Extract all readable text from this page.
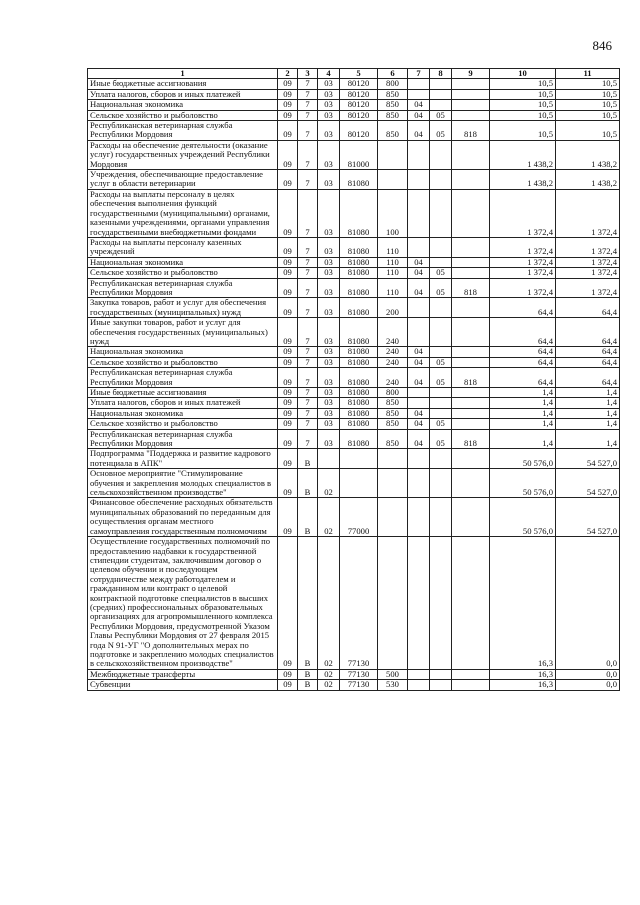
846
1	2	3	4	5	6	7	8	9	10	11
Иные бюджетные ассигнования	09	7	03	80120	800				10,5	10,5
Уплата налогов, сборов и иных платежей	09	7	03	80120	850				10,5	10,5
Национальная экономика	09	7	03	80120	850	04			10,5	10,5
Сельское хозяйство и рыболовство	09	7	03	80120	850	04	05		10,5	10,5
Республиканская ветеринарная служба Республики Мордовия	09	7	03	80120	850	04	05	818	10,5	10,5
Расходы на обеспечение деятельности (оказание услуг) государственных учреждений Республики Мордовия	09	7	03	81000					1 438,2	1 438,2
Учреждения, обеспечивающие предоставление услуг в области ветеринарии	09	7	03	81080					1 438,2	1 438,2
Расходы на выплаты персоналу в целях обеспечения выполнения функций государственными (муниципальными) органами, казенными учреждениями, органами управления государственными внебюджетными фондами	09	7	03	81080	100				1 372,4	1 372,4
Расходы на выплаты персоналу казенных учреждений	09	7	03	81080	110				1 372,4	1 372,4
Национальная экономика	09	7	03	81080	110	04			1 372,4	1 372,4
Сельское хозяйство и рыболовство	09	7	03	81080	110	04	05		1 372,4	1 372,4
Республиканская ветеринарная служба Республики Мордовия	09	7	03	81080	110	04	05	818	1 372,4	1 372,4
Закупка товаров, работ и услуг для обеспечения государственных (муниципальных) нужд	09	7	03	81080	200				64,4	64,4
Иные закупки товаров, работ и услуг для обеспечения государственных (муниципальных) нужд	09	7	03	81080	240				64,4	64,4
Национальная экономика	09	7	03	81080	240	04			64,4	64,4
Сельское хозяйство и рыболовство	09	7	03	81080	240	04	05		64,4	64,4
Республиканская ветеринарная служба Республики Мордовия	09	7	03	81080	240	04	05	818	64,4	64,4
Иные бюджетные ассигнования	09	7	03	81080	800				1,4	1,4
Уплата налогов, сборов и иных платежей	09	7	03	81080	850				1,4	1,4
Национальная экономика	09	7	03	81080	850	04			1,4	1,4
Сельское хозяйство и рыболовство	09	7	03	81080	850	04	05		1,4	1,4
Республиканская ветеринарная служба Республики Мордовия	09	7	03	81080	850	04	05	818	1,4	1,4
Подпрограмма "Поддержка и развитие кадрового потенциала в АПК"	09	В							50 576,0	54 527,0
Основное мероприятие "Стимулирование обучения и закрепления молодых специалистов в сельскохозяйственном производстве"	09	В	02						50 576,0	54 527,0
Финансовое обеспечение расходных обязательств муниципальных образований по переданным для осуществления органам местного самоуправления государственным полномочиям	09	В	02	77000					50 576,0	54 527,0
Осуществление государственных полномочий по предоставлению надбавки к государственной стипендии студентам, заключившим договор о целевом обучении и последующем сотрудничестве между работодателем и гражданином или контракт о целевой контрактной подготовке специалистов в высших (средних) профессиональных образовательных организациях для агропромышленного комплекса Республики Мордовия, предусмотренной Указом Главы Республики Мордовия от 27 февраля 2015 года N 91-УГ "О дополнительных мерах по подготовке и закреплению молодых специалистов в сельскохозяйственном производстве"	09	В	02	77130					16,3	0,0
Межбюджетные трансферты	09	В	02	77130	500				16,3	0,0
Субвенции	09	В	02	77130	530				16,3	0,0
